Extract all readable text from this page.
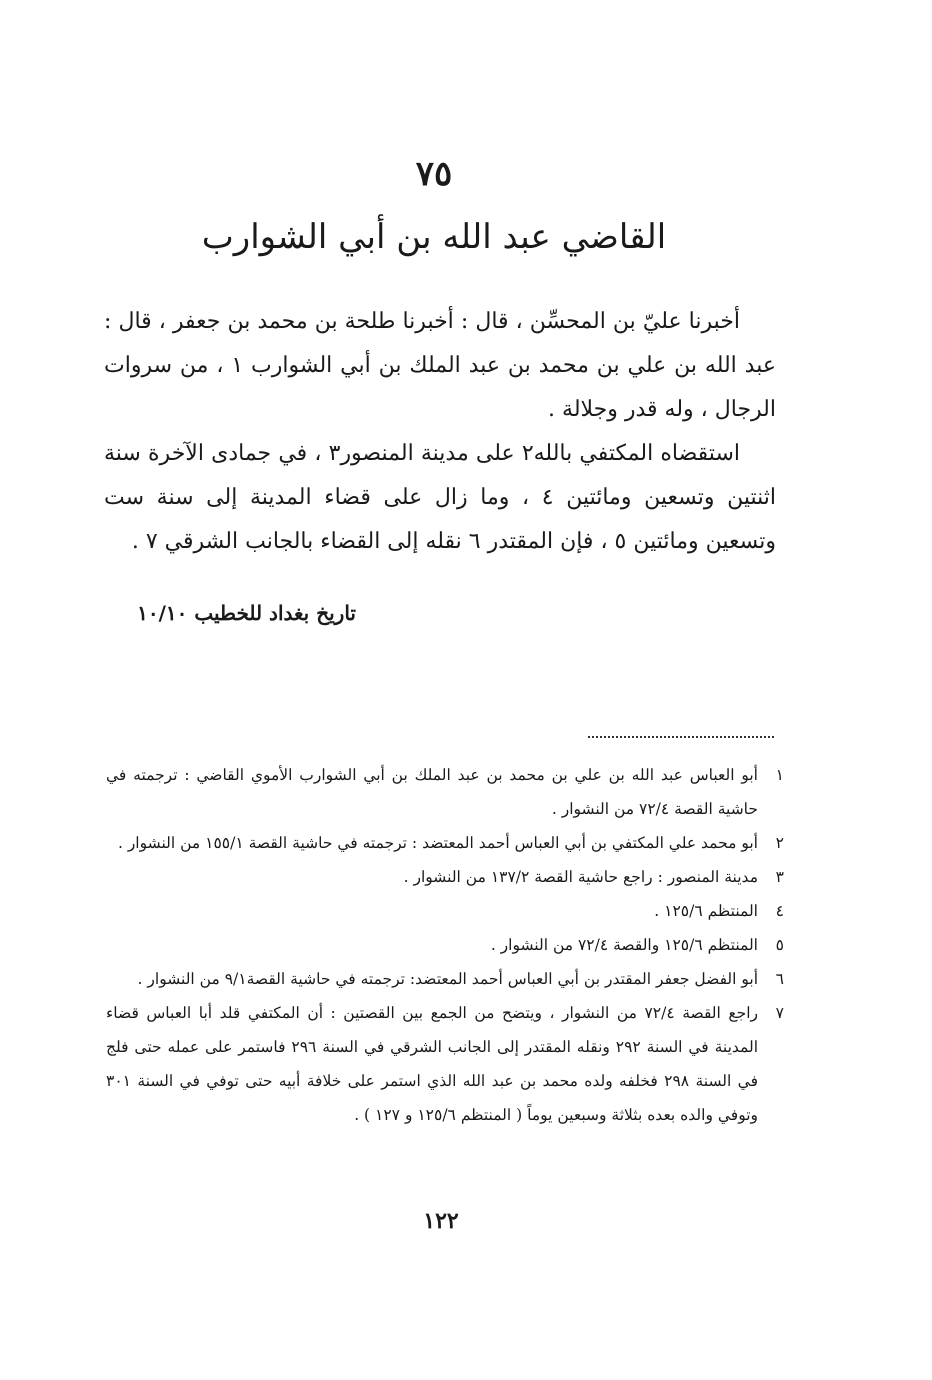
٧٥
القاضي عبد الله بن أبي الشوارب

أخبرنا عليّ بن المحسِّن ، قال : أخبرنا طلحة بن محمد بن جعفر ، قال : عبد الله بن علي بن محمد بن عبد الملك بن أبي الشوارب ١ ، من سروات الرجال ، وله قدر وجلالة .

استقضاه المكتفي بالله٢ على مدينة المنصور٣ ، في جمادى الآخرة سنة اثنتين وتسعين ومائتين ٤ ، وما زال على قضاء المدينة إلى سنة ست وتسعين ومائتين ٥ ، فإن المقتدر ٦ نقله إلى القضاء بالجانب الشرقي ٧ .

تاريخ بغداد للخطيب ١٠/١٠
١
أبو العباس عبد الله بن علي بن محمد بن عبد الملك بن أبي الشوارب الأموي القاضي : ترجمته في حاشية القصة ٧٢/٤ من النشوار .
٢
أبو محمد علي المكتفي بن أبي العباس أحمد المعتضد : ترجمته في حاشية القصة ١٥٥/١ من النشوار .
٣
مدينة المنصور : راجع حاشية القصة ١٣٧/٢ من النشوار .
٤
المنتظم ١٢٥/٦ .
٥
المنتظم ١٢٥/٦ والقصة ٧٢/٤ من النشوار .
٦
أبو الفضل جعفر المقتدر بن أبي العباس أحمد المعتضد: ترجمته في حاشية القصة٩/١ من النشوار .
٧
راجع القصة ٧٢/٤ من النشوار ، ويتضح من الجمع بين القصتين : أن المكتفي قلد أبا العباس قضاء المدينة في السنة ٢٩٢ ونقله المقتدر إلى الجانب الشرقي في السنة ٢٩٦ فاستمر على عمله حتى فلج في السنة ٢٩٨ فخلفه ولده محمد بن عبد الله الذي استمر على خلافة أبيه حتى توفي في السنة ٣٠١ وتوفي والده بعده بثلاثة وسبعين يوماً ( المنتظم ١٢٥/٦ و ١٢٧ ) .
١٢٢
